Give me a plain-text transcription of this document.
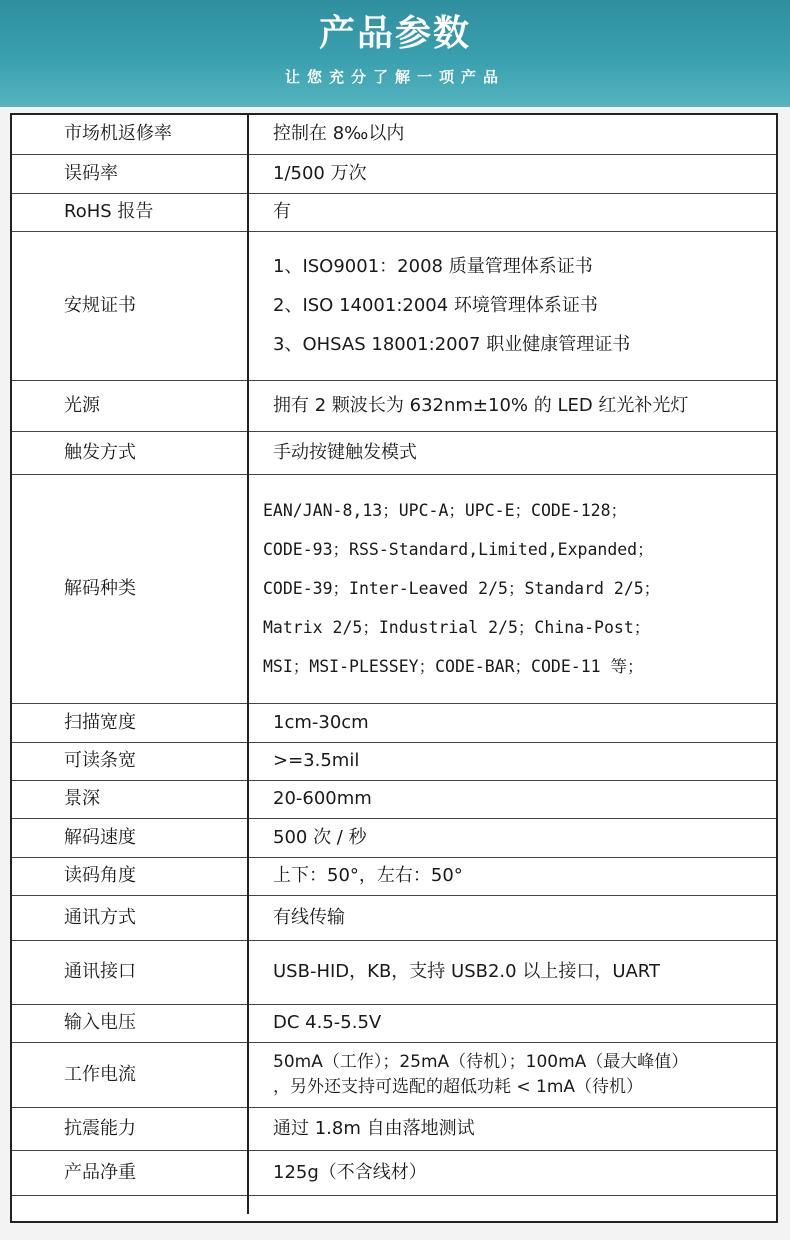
产品参数
让您充分了解一项产品
市场机返修率	控制在 8‰以内

误码率	1/500 万次

RoHS 报告	有

安规证书	1、ISO9001：2008 质量管理体系证书
2、ISO 14001:2004 环境管理体系证书
3、OHSAS 18001:2007 职业健康管理证书

光源	拥有 2 颗波长为 632nm±10% 的 LED 红光补光灯

触发方式	手动按键触发模式

解码种类	EAN/JAN-8,13；UPC-A；UPC-E；CODE-128；
CODE-93；RSS-Standard,Limited,Expanded；
CODE-39；Inter-Leaved 2/5；Standard 2/5；
Matrix 2/5；Industrial 2/5；China-Post；
MSI；MSI-PLESSEY；CODE-BAR；CODE-11 等；

扫描宽度	1cm-30cm

可读条宽	>=3.5mil

景深	20-600mm

解码速度	500 次 / 秒

读码角度	上下：50°，左右：50°

通讯方式	有线传输

通讯接口	USB-HID，KB，支持 USB2.0 以上接口，UART

输入电压	DC 4.5-5.5V

工作电流	50mA（工作）；25mA（待机）；100mA（最大峰值）
，另外还支持可选配的超低功耗 < 1mA（待机）

抗震能力	通过 1.8m 自由落地测试

产品净重	125g（不含线材）
